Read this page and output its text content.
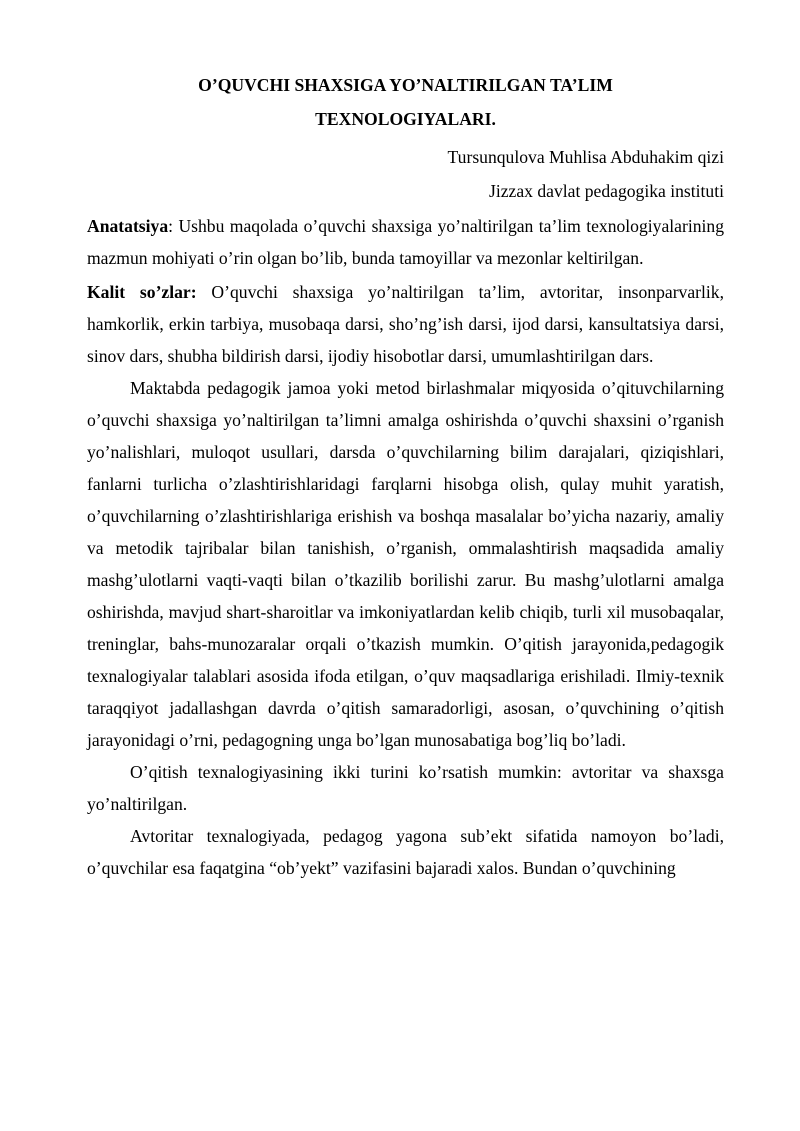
O’QUVCHI SHAXSIGA YO’NALTIRILGAN TA’LIM
TEXNOLOGIYALARI.

Tursunqulova Muhlisa Abduhakim qizi

Jizzax davlat pedagogika instituti

Anatatsiya: Ushbu maqolada o’quvchi shaxsiga yo’naltirilgan ta’lim texnologiyalarining mazmun mohiyati o’rin olgan bo’lib, bunda tamoyillar va mezonlar keltirilgan.

Kalit so’zlar: O’quvchi shaxsiga yo’naltirilgan ta’lim, avtoritar, insonparvarlik, hamkorlik, erkin tarbiya, musobaqa darsi, sho’ng’ish darsi, ijod darsi, kansultatsiya darsi, sinov dars, shubha bildirish darsi, ijodiy hisobotlar darsi, umumlashtirilgan dars.

Maktabda pedagogik jamoa yoki metod birlashmalar miqyosida o’qituvchilarning o’quvchi shaxsiga yo’naltirilgan ta’limni amalga oshirishda o’quvchi shaxsini o’rganish yo’nalishlari, muloqot usullari, darsda o’quvchilarning bilim darajalari, qiziqishlari, fanlarni turlicha o’zlashtirishlaridagi farqlarni hisobga olish, qulay muhit yaratish, o’quvchilarning o’zlashtirishlariga erishish va boshqa masalalar bo’yicha nazariy, amaliy va metodik tajribalar bilan tanishish, o’rganish, ommalashtirish maqsadida amaliy mashg’ulotlarni vaqti-vaqti bilan o’tkazilib borilishi zarur. Bu mashg’ulotlarni amalga oshirishda, mavjud shart-sharoitlar va imkoniyatlardan kelib chiqib, turli xil musobaqalar, treninglar, bahs-munozaralar orqali o’tkazish mumkin. O’qitish jarayonida,pedagogik texnalogiyalar talablari asosida ifoda etilgan, o’quv maqsadlariga erishiladi. Ilmiy-texnik taraqqiyot jadallashgan davrda o’qitish samaradorligi, asosan, o’quvchining o’qitish jarayonidagi o’rni, pedagogning unga bo’lgan munosabatiga bog’liq bo’ladi.

O’qitish texnalogiyasining ikki turini ko’rsatish mumkin: avtoritar va shaxsga yo’naltirilgan.

Avtoritar texnalogiyada, pedagog yagona sub’ekt sifatida namoyon bo’ladi, o’quvchilar esa faqatgina “ob’yekt” vazifasini bajaradi xalos. Bundan o’quvchining
